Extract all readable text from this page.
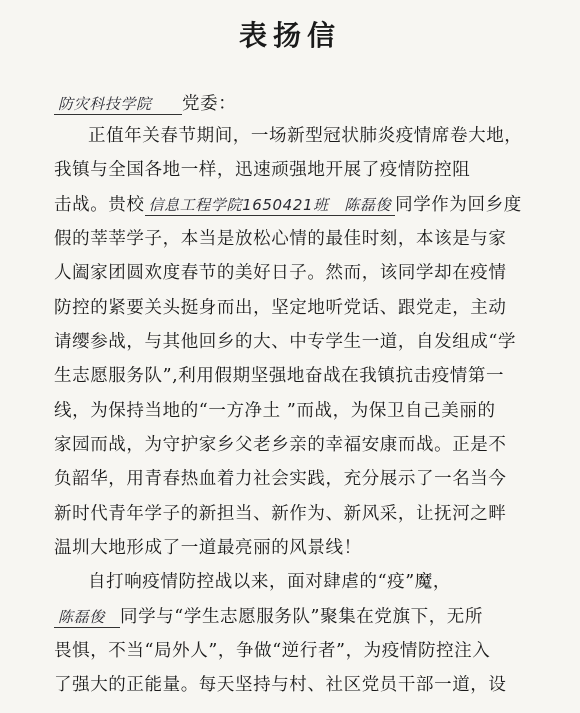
表扬信
防灾科技学院 党委：
正值年关春节期间，一场新型冠状肺炎疫情席卷大地，
我镇与全国各地一样，迅速顽强地开展了疫情防控阻
击战。贵校 信息工程学院1650421班　陈磊俊 同学作为回乡度
假的莘莘学子，本当是放松心情的最佳时刻，本该是与家
人阖家团圆欢度春节的美好日子。然而，该同学却在疫情
防控的紧要关头挺身而出，坚定地听党话、跟党走，主动
请缨参战，与其他回乡的大、中专学生一道，自发组成“学
生志愿服务队”,利用假期坚强地奋战在我镇抗击疫情第一
线，为保持当地的“一方净土 ”而战，为保卫自己美丽的
家园而战，为守护家乡父老乡亲的幸福安康而战。正是不
负韶华，用青春热血着力社会实践，充分展示了一名当今
新时代青年学子的新担当、新作为、新风采，让抚河之畔
温圳大地形成了一道最亮丽的风景线！
自打响疫情防控战以来，面对肆虐的“疫”魔，
陈磊俊 同学与“学生志愿服务队”聚集在党旗下，无所
畏惧，不当“局外人”，争做“逆行者”，为疫情防控注入
了强大的正能量。每天坚持与村、社区党员干部一道，设
